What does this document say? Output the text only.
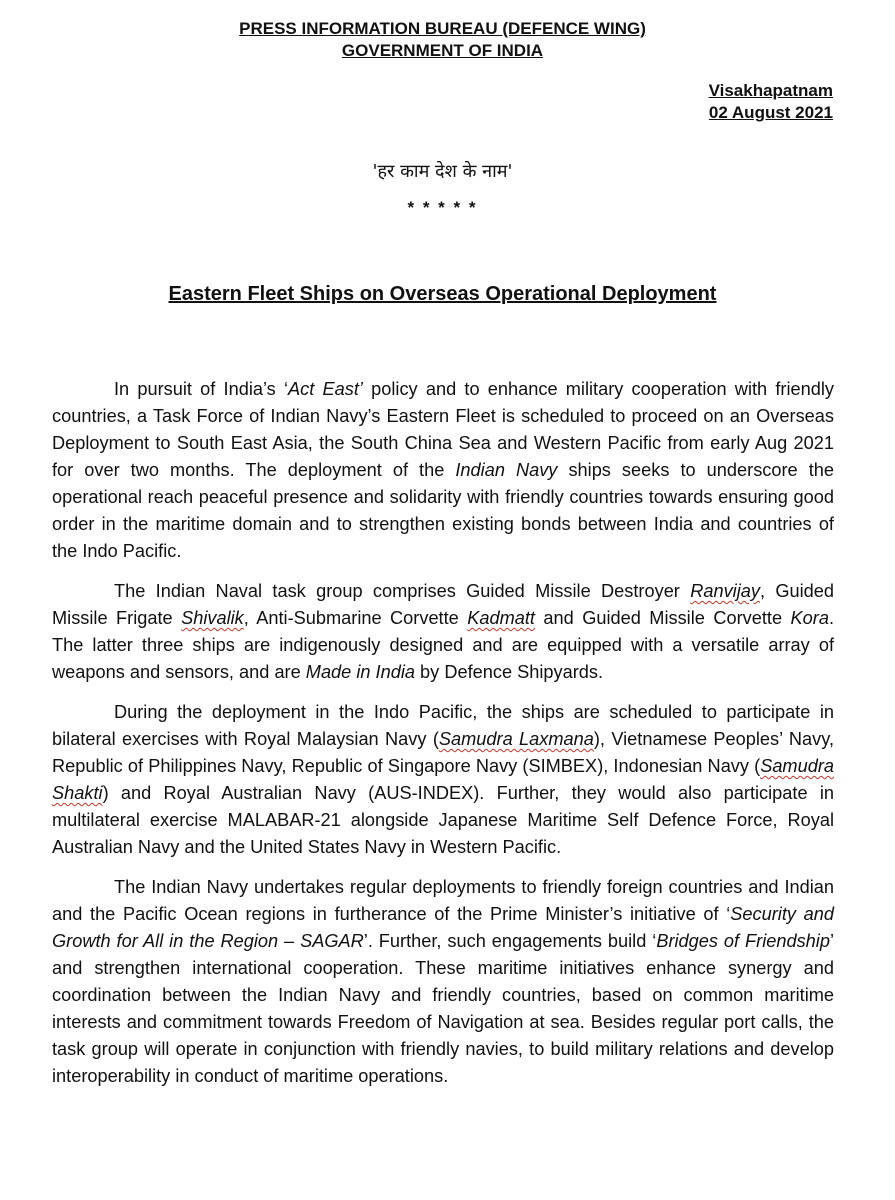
PRESS INFORMATION BUREAU (DEFENCE WING)
GOVERNMENT OF INDIA
Visakhapatnam
02 August 2021
'हर काम देश के नाम'
* * * * *
Eastern Fleet Ships on Overseas Operational Deployment

In pursuit of India’s ‘Act East’ policy and to enhance military cooperation with friendly countries, a Task Force of Indian Navy’s Eastern Fleet is scheduled to proceed on an Overseas Deployment to South East Asia, the South China Sea and Western Pacific from early Aug 2021 for over two months. The deployment of the Indian Navy ships seeks to underscore the operational reach peaceful presence and solidarity with friendly countries towards ensuring good order in the maritime domain and to strengthen existing bonds between India and countries of the Indo Pacific.

The Indian Naval task group comprises Guided Missile Destroyer Ranvijay, Guided Missile Frigate Shivalik, Anti-Submarine Corvette Kadmatt and Guided Missile Corvette Kora. The latter three ships are indigenously designed and are equipped with a versatile array of weapons and sensors, and are Made in India by Defence Shipyards.

During the deployment in the Indo Pacific, the ships are scheduled to participate in bilateral exercises with Royal Malaysian Navy (Samudra Laxmana), Vietnamese Peoples’ Navy, Republic of Philippines Navy, Republic of Singapore Navy (SIMBEX), Indonesian Navy (Samudra Shakti) and Royal Australian Navy (AUS-INDEX). Further, they would also participate in multilateral exercise MALABAR-21 alongside Japanese Maritime Self Defence Force, Royal Australian Navy and the United States Navy in Western Pacific.

The Indian Navy undertakes regular deployments to friendly foreign countries and Indian and the Pacific Ocean regions in furtherance of the Prime Minister’s initiative of ‘Security and Growth for All in the Region – SAGAR’. Further, such engagements build ‘Bridges of Friendship’ and strengthen international cooperation. These maritime initiatives enhance synergy and coordination between the Indian Navy and friendly countries, based on common maritime interests and commitment towards Freedom of Navigation at sea. Besides regular port calls, the task group will operate in conjunction with friendly navies, to build military relations and develop interoperability in conduct of maritime operations.
